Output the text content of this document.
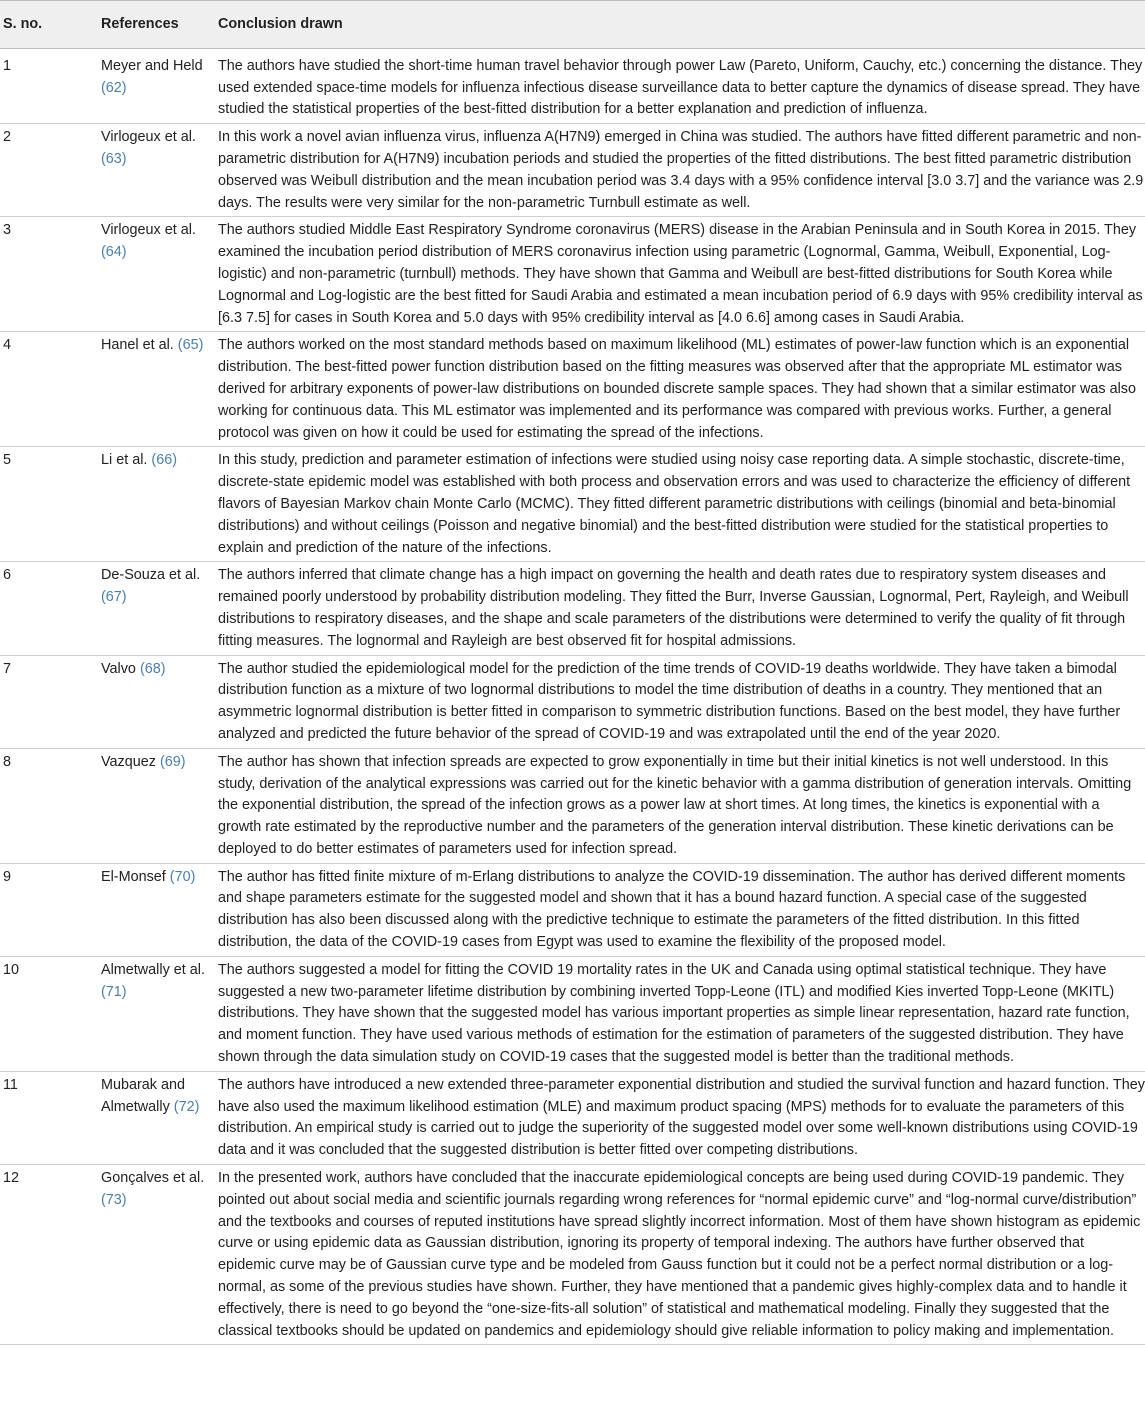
S. no.	References	Conclusion drawn
1	Meyer and Held (62)	The authors have studied the short-time human travel behavior through power Law (Pareto, Uniform, Cauchy, etc.) concerning the distance. They used extended space-time models for influenza infectious disease surveillance data to better capture the dynamics of disease spread. They have studied the statistical properties of the best-fitted distribution for a better explanation and prediction of influenza.
2	Virlogeux et al. (63)	In this work a novel avian influenza virus, influenza A(H7N9) emerged in China was studied. The authors have fitted different parametric and non-parametric distribution for A(H7N9) incubation periods and studied the properties of the fitted distributions. The best fitted parametric distribution observed was Weibull distribution and the mean incubation period was 3.4 days with a 95% confidence interval [3.0 3.7] and the variance was 2.9 days. The results were very similar for the non-parametric Turnbull estimate as well.
3	Virlogeux et al. (64)	The authors studied Middle East Respiratory Syndrome coronavirus (MERS) disease in the Arabian Peninsula and in South Korea in 2015. They examined the incubation period distribution of MERS coronavirus infection using parametric (Lognormal, Gamma, Weibull, Exponential, Log-logistic) and non-parametric (turnbull) methods. They have shown that Gamma and Weibull are best-fitted distributions for South Korea while Lognormal and Log-logistic are the best fitted for Saudi Arabia and estimated a mean incubation period of 6.9 days with 95% credibility interval as [6.3 7.5] for cases in South Korea and 5.0 days with 95% credibility interval as [4.0 6.6] among cases in Saudi Arabia.
4	Hanel et al. (65)	The authors worked on the most standard methods based on maximum likelihood (ML) estimates of power-law function which is an exponential distribution. The best-fitted power function distribution based on the fitting measures was observed after that the appropriate ML estimator was derived for arbitrary exponents of power-law distributions on bounded discrete sample spaces. They had shown that a similar estimator was also working for continuous data. This ML estimator was implemented and its performance was compared with previous works. Further, a general protocol was given on how it could be used for estimating the spread of the infections.
5	Li et al. (66)	In this study, prediction and parameter estimation of infections were studied using noisy case reporting data. A simple stochastic, discrete-time, discrete-state epidemic model was established with both process and observation errors and was used to characterize the efficiency of different flavors of Bayesian Markov chain Monte Carlo (MCMC). They fitted different parametric distributions with ceilings (binomial and beta-binomial distributions) and without ceilings (Poisson and negative binomial) and the best-fitted distribution were studied for the statistical properties to explain and prediction of the nature of the infections.
6	De-Souza et al. (67)	The authors inferred that climate change has a high impact on governing the health and death rates due to respiratory system diseases and remained poorly understood by probability distribution modeling. They fitted the Burr, Inverse Gaussian, Lognormal, Pert, Rayleigh, and Weibull distributions to respiratory diseases, and the shape and scale parameters of the distributions were determined to verify the quality of fit through fitting measures. The lognormal and Rayleigh are best observed fit for hospital admissions.
7	Valvo (68)	The author studied the epidemiological model for the prediction of the time trends of COVID-19 deaths worldwide. They have taken a bimodal distribution function as a mixture of two lognormal distributions to model the time distribution of deaths in a country. They mentioned that an asymmetric lognormal distribution is better fitted in comparison to symmetric distribution functions. Based on the best model, they have further analyzed and predicted the future behavior of the spread of COVID-19 and was extrapolated until the end of the year 2020.
8	Vazquez (69)	The author has shown that infection spreads are expected to grow exponentially in time but their initial kinetics is not well understood. In this study, derivation of the analytical expressions was carried out for the kinetic behavior with a gamma distribution of generation intervals. Omitting the exponential distribution, the spread of the infection grows as a power law at short times. At long times, the kinetics is exponential with a growth rate estimated by the reproductive number and the parameters of the generation interval distribution. These kinetic derivations can be deployed to do better estimates of parameters used for infection spread.
9	El-Monsef (70)	The author has fitted finite mixture of m-Erlang distributions to analyze the COVID-19 dissemination. The author has derived different moments and shape parameters estimate for the suggested model and shown that it has a bound hazard function. A special case of the suggested distribution has also been discussed along with the predictive technique to estimate the parameters of the fitted distribution. In this fitted distribution, the data of the COVID-19 cases from Egypt was used to examine the flexibility of the proposed model.
10	Almetwally et al. (71)	The authors suggested a model for fitting the COVID 19 mortality rates in the UK and Canada using optimal statistical technique. They have suggested a new two-parameter lifetime distribution by combining inverted Topp-Leone (ITL) and modified Kies inverted Topp-Leone (MKITL) distributions. They have shown that the suggested model has various important properties as simple linear representation, hazard rate function, and moment function. They have used various methods of estimation for the estimation of parameters of the suggested distribution. They have shown through the data simulation study on COVID-19 cases that the suggested model is better than the traditional methods.
11	Mubarak and Almetwally (72)	The authors have introduced a new extended three-parameter exponential distribution and studied the survival function and hazard function. They have also used the maximum likelihood estimation (MLE) and maximum product spacing (MPS) methods for to evaluate the parameters of this distribution. An empirical study is carried out to judge the superiority of the suggested model over some well-known distributions using COVID-19 data and it was concluded that the suggested distribution is better fitted over competing distributions.
12	Gonçalves et al. (73)	In the presented work, authors have concluded that the inaccurate epidemiological concepts are being used during COVID-19 pandemic. They pointed out about social media and scientific journals regarding wrong references for “normal epidemic curve” and “log-normal curve/distribution” and the textbooks and courses of reputed institutions have spread slightly incorrect information. Most of them have shown histogram as epidemic curve or using epidemic data as Gaussian distribution, ignoring its property of temporal indexing. The authors have further observed that epidemic curve may be of Gaussian curve type and be modeled from Gauss function but it could not be a perfect normal distribution or a log-normal, as some of the previous studies have shown. Further, they have mentioned that a pandemic gives highly-complex data and to handle it effectively, there is need to go beyond the “one-size-fits-all solution” of statistical and mathematical modeling. Finally they suggested that the classical textbooks should be updated on pandemics and epidemiology should give reliable information to policy making and implementation.
